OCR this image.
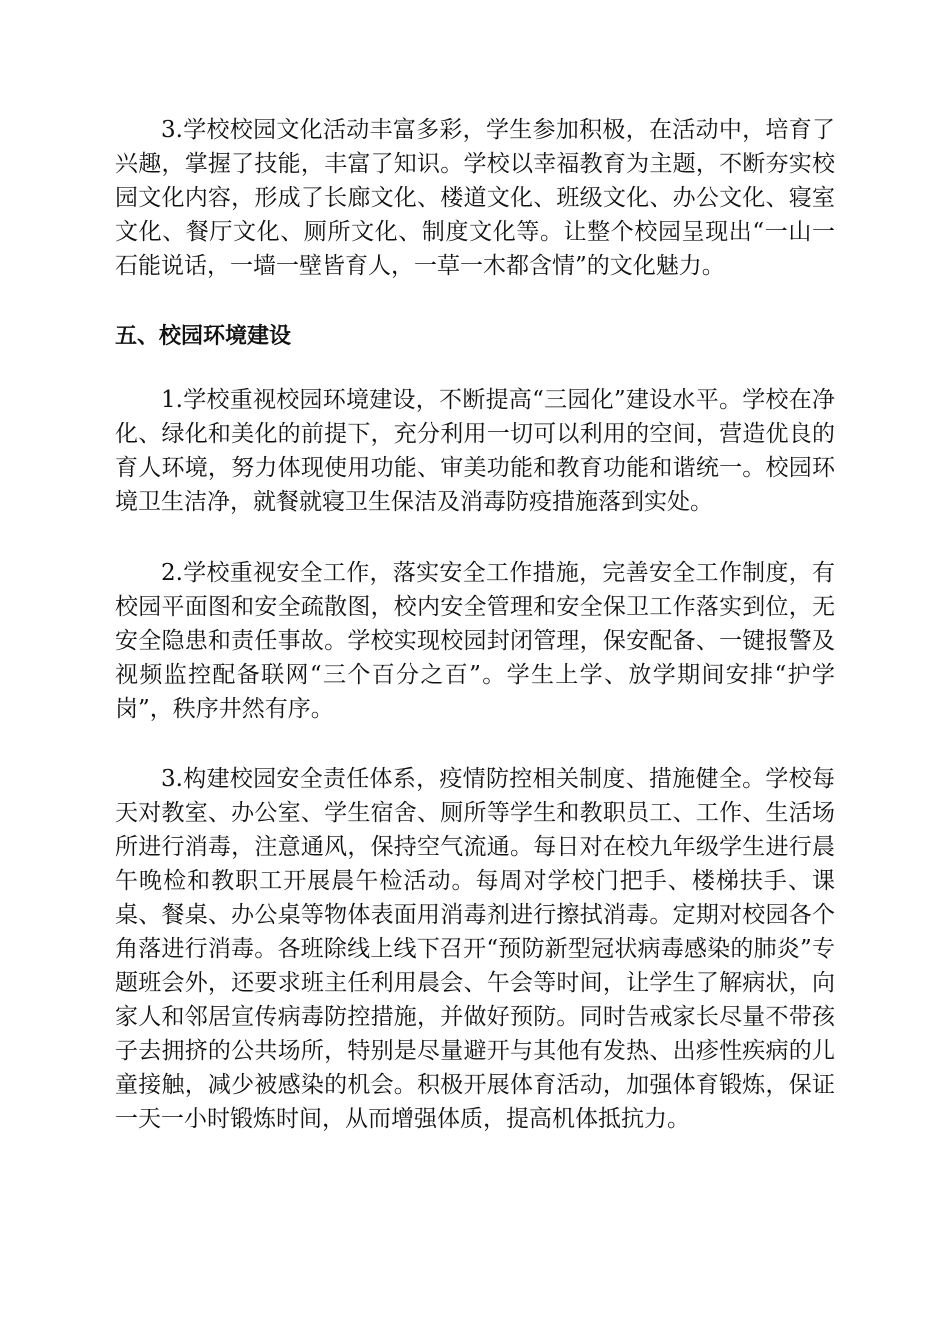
3.学校校园文化活动丰富多彩，学生参加积极，在活动中，培育了兴趣，掌握了技能，丰富了知识。学校以幸福教育为主题，不断夯实校园文化内容，形成了长廊文化、楼道文化、班级文化、办公文化、寝室文化、餐厅文化、厕所文化、制度文化等。让整个校园呈现出“一山一石能说话，一墙一壁皆育人，一草一木都含情”的文化魅力。

五、校园环境建设

1.学校重视校园环境建设，不断提高“三园化”建设水平。学校在净化、绿化和美化的前提下，充分利用一切可以利用的空间，营造优良的育人环境，努力体现使用功能、审美功能和教育功能和谐统一。校园环境卫生洁净，就餐就寝卫生保洁及消毒防疫措施落到实处。

2.学校重视安全工作，落实安全工作措施，完善安全工作制度，有校园平面图和安全疏散图，校内安全管理和安全保卫工作落实到位，无安全隐患和责任事故。学校实现校园封闭管理，保安配备、一键报警及视频监控配备联网“三个百分之百”。学生上学、放学期间安排“护学岗”，秩序井然有序。

3.构建校园安全责任体系，疫情防控相关制度、措施健全。学校每天对教室、办公室、学生宿舍、厕所等学生和教职员工、工作、生活场所进行消毒，注意通风，保持空气流通。每日对在校九年级学生进行晨午晚检和教职工开展晨午检活动。每周对学校门把手、楼梯扶手、课桌、餐桌、办公桌等物体表面用消毒剂进行擦拭消毒。定期对校园各个角落进行消毒。各班除线上线下召开“预防新型冠状病毒感染的肺炎”专题班会外，还要求班主任利用晨会、午会等时间，让学生了解病状，向家人和邻居宣传病毒防控措施，并做好预防。同时告戒家长尽量不带孩子去拥挤的公共场所，特别是尽量避开与其他有发热、出疹性疾病的儿童接触，减少被感染的机会。积极开展体育活动，加强体育锻炼，保证一天一小时锻炼时间，从而增强体质，提高机体抵抗力。
